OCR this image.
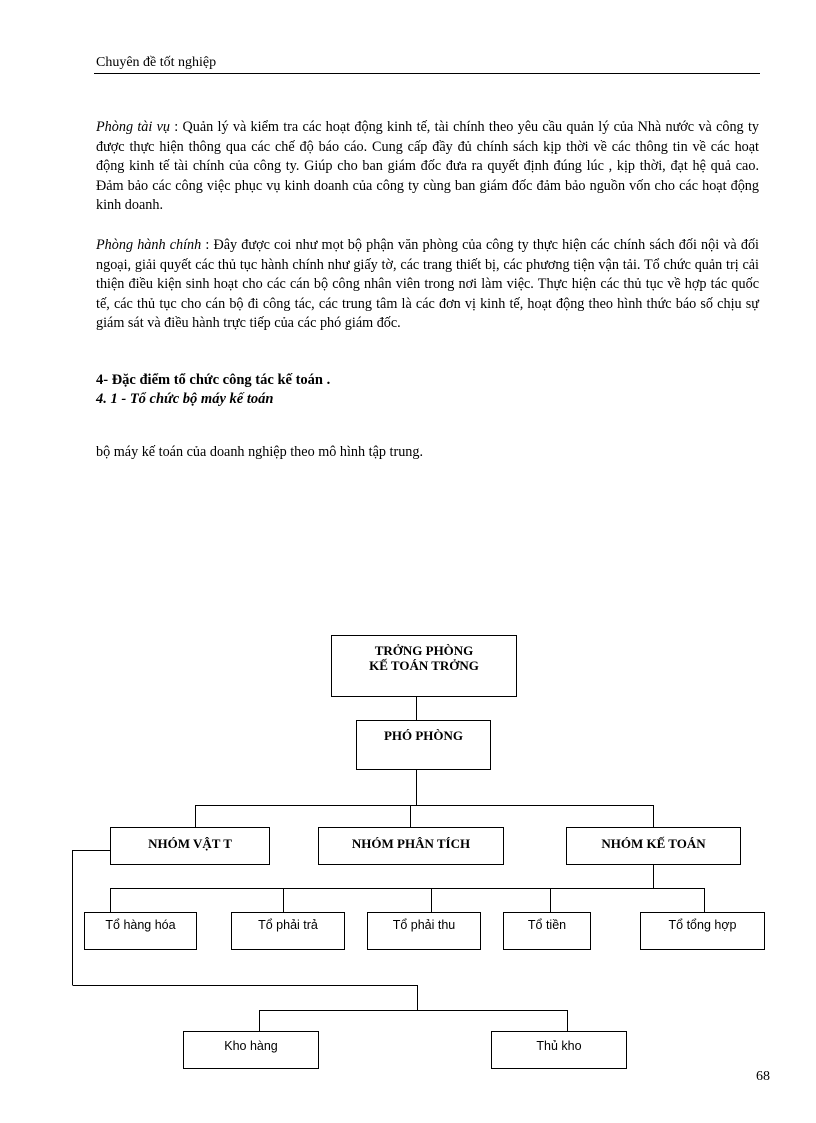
Chuyên đề tốt nghiệp

Phòng tài vụ : Quản lý và kiểm tra các hoạt động kinh tế, tài chính theo yêu cầu quản lý của Nhà nước và công ty được thực hiện thông qua các chế độ báo cáo. Cung cấp đầy đủ chính sách kịp thời về các thông tin về các hoạt động kinh tế tài chính của công ty. Giúp cho ban giám đốc đưa ra quyết định đúng lúc , kịp thời, đạt hệ quả cao. Đảm bảo các công việc phục vụ kinh doanh của công ty cùng ban giám đốc đảm bảo nguồn vốn cho các hoạt động kinh doanh.

Phòng hành chính : Đây được coi như mọt bộ phận văn phòng của công ty thực hiện các chính sách đối nội và đối ngoại, giải quyết các thủ tục hành chính như giấy tờ, các trang thiết bị, các phương tiện vận tải. Tổ chức quản trị cải thiện điều kiện sinh hoạt cho các cán bộ công nhân viên trong nơi làm việc. Thực hiện các thủ tục về hợp tác quốc tế, các thủ tục cho cán bộ đi công tác, các trung tâm là các đơn vị kinh tế, hoạt động theo hình thức báo số chịu sự giám sát và điều hành trực tiếp của các phó giám đốc.

4- Đặc điểm tổ chức công tác kế toán .
4. 1 - Tổ chức bộ máy kế toán
bộ máy kế toán của doanh nghiệp theo mô hình tập trung.
TRỞNG PHÒNG
KẾ TOÁN TRỞNG
PHÓ PHÒNG
NHÓM VẬT T	NHÓM PHÂN TÍCH	NHÓM KẾ TOÁN
Tổ hàng hóa	Tổ phải trả	Tổ phải thu	Tổ tiền	Tổ tổng hợp
Kho hàng	Thủ kho
68
